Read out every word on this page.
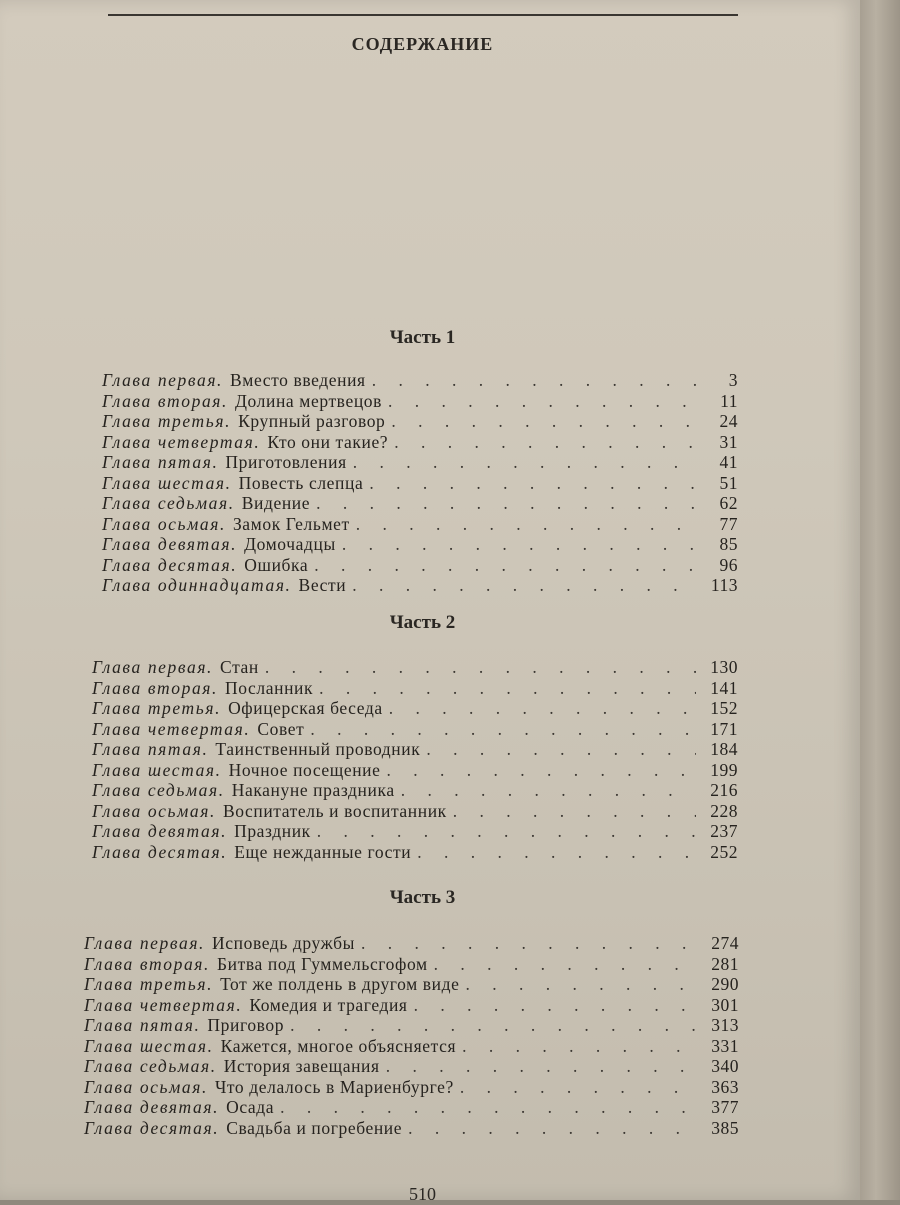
СОДЕРЖАНИЕ
Часть 1
Глава первая. Вместо введения . . .	3
Глава вторая. Долина мертвецов . . .	11
Глава третья. Крупный разговор . . .	24
Глава четвертая. Кто они такие? . . .	31
Глава пятая. Приготовления . . .	41
Глава шестая. Повесть слепца . . .	51
Глава седьмая. Видение . . .	62
Глава осьмая. Замок Гельмет . . .	77
Глава девятая. Домочадцы . . .	85
Глава десятая. Ошибка . . .	96
Глава одиннадцатая. Вести . . .	113
Часть 2
Глава первая. Стан . . .	130
Глава вторая. Посланник . . .	141
Глава третья. Офицерская беседа . . .	152
Глава четвертая. Совет . . .	171
Глава пятая. Таинственный проводник . . .	184
Глава шестая. Ночное посещение . . .	199
Глава седьмая. Накануне праздника . . .	216
Глава осьмая. Воспитатель и воспитанник . . .	228
Глава девятая. Праздник . . .	237
Глава десятая. Еще нежданные гости . . .	252
Часть 3
Глава первая. Исповедь дружбы . . .	274
Глава вторая. Битва под Гуммельсгофом . . .	281
Глава третья. Тот же полдень в другом виде . . .	290
Глава четвертая. Комедия и трагедия . . .	301
Глава пятая. Приговор . . .	313
Глава шестая. Кажется, многое объясняется . . .	331
Глава седьмая. История завещания . . .	340
Глава осьмая. Что делалось в Мариенбурге? . . .	363
Глава девятая. Осада . . .	377
Глава десятая. Свадьба и погребение . . .	385
510
